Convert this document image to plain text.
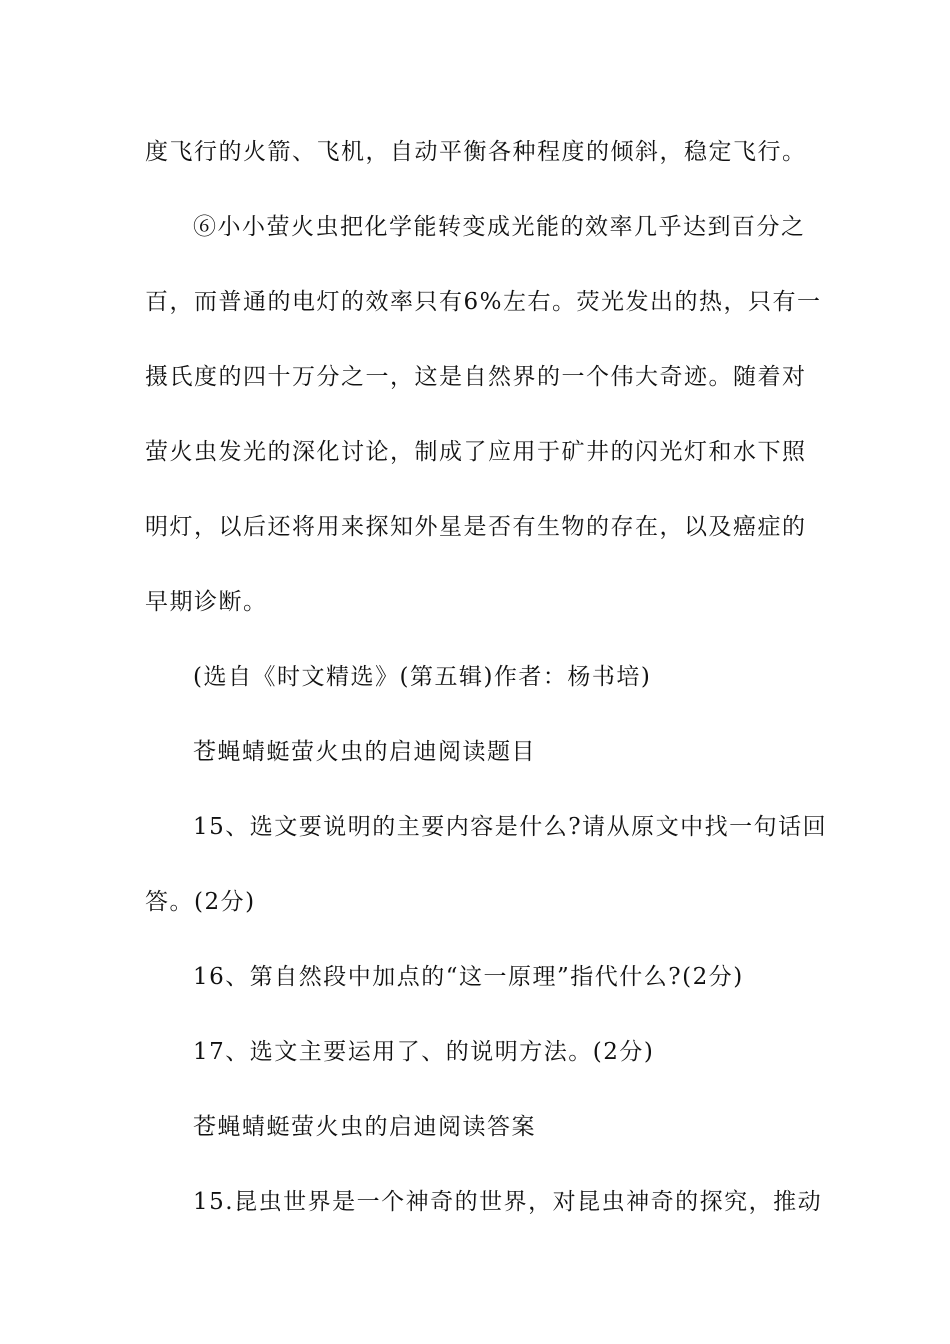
度飞行的火箭、飞机，自动平衡各种程度的倾斜，稳定飞行。
⑥小小萤火虫把化学能转变成光能的效率几乎达到百分之
百，而普通的电灯的效率只有6%左右。荧光发出的热，只有一
摄氏度的四十万分之一，这是自然界的一个伟大奇迹。随着对
萤火虫发光的深化讨论，制成了应用于矿井的闪光灯和水下照
明灯，以后还将用来探知外星是否有生物的存在，以及癌症的
早期诊断。
(选自《时文精选》(第五辑)作者：杨书培)
苍蝇蜻蜓萤火虫的启迪阅读题目
15、选文要说明的主要内容是什么?请从原文中找一句话回
答。(2分)
16、第自然段中加点的“这一原理”指代什么?(2分)
17、选文主要运用了、的说明方法。(2分)
苍蝇蜻蜓萤火虫的启迪阅读答案
15.昆虫世界是一个神奇的世界，对昆虫神奇的探究，推动
